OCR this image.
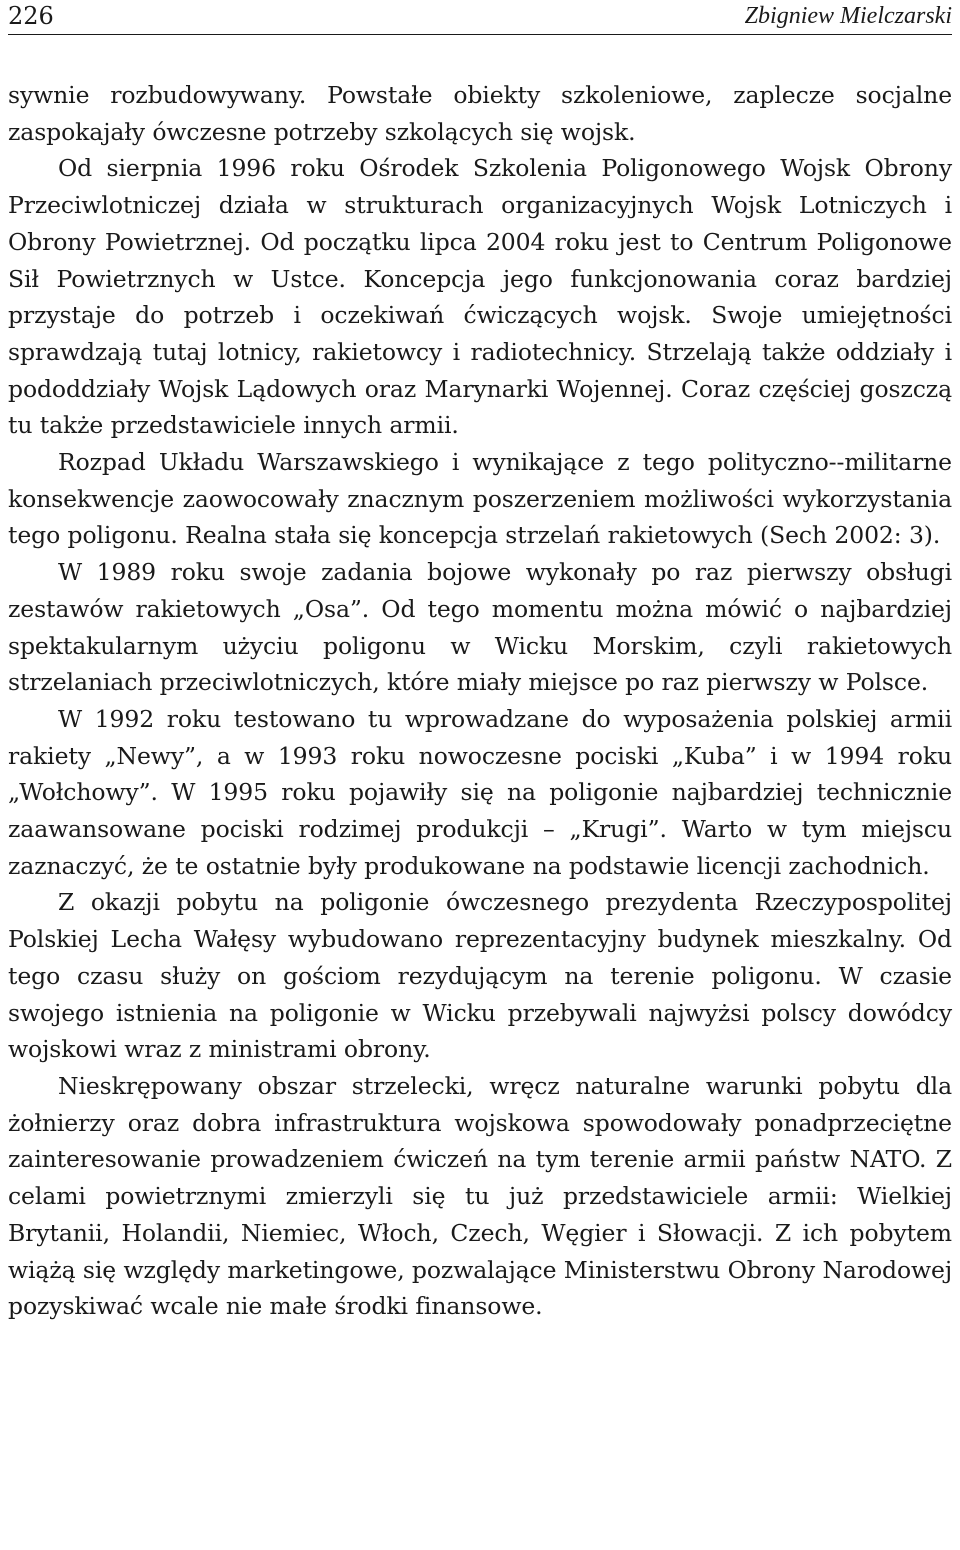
226	Zbigniew Mielczarski

sywnie rozbudowywany. Powstałe obiekty szkoleniowe, zaplecze socjalne zaspokajały ówczesne potrzeby szkolących się wojsk.

Od sierpnia 1996 roku Ośrodek Szkolenia Poligonowego Wojsk Obrony Przeciwlotniczej działa w strukturach organizacyjnych Wojsk Lotniczych i Obrony Powietrznej. Od początku lipca 2004 roku jest to Centrum Poligonowe Sił Powietrznych w Ustce. Koncepcja jego funkcjonowania coraz bardziej przystaje do potrzeb i oczekiwań ćwiczących wojsk. Swoje umiejętności sprawdzają tutaj lotnicy, rakietowcy i radiotechnicy. Strzelają także oddziały i pododdziały Wojsk Lądowych oraz Marynarki Wojennej. Coraz częściej goszczą tu także przedstawiciele innych armii.

Rozpad Układu Warszawskiego i wynikające z tego polityczno--militarne konsekwencje zaowocowały znacznym poszerzeniem możliwości wykorzystania tego poligonu. Realna stała się koncepcja strzelań rakietowych (Sech 2002: 3).

W 1989 roku swoje zadania bojowe wykonały po raz pierwszy obsługi zestawów rakietowych „Osa”. Od tego momentu można mówić o najbardziej spektakularnym użyciu poligonu w Wicku Morskim, czyli rakietowych strzelaniach przeciwlotniczych, które miały miejsce po raz pierwszy w Polsce.

W 1992 roku testowano tu wprowadzane do wyposażenia polskiej armii rakiety „Newy”, a w 1993 roku nowoczesne pociski „Kuba” i w 1994 roku „Wołchowy”. W 1995 roku pojawiły się na poligonie najbardziej technicznie zaawansowane pociski rodzimej produkcji – „Krugi”. Warto w tym miejscu zaznaczyć, że te ostatnie były produkowane na podstawie licencji zachodnich.

Z okazji pobytu na poligonie ówczesnego prezydenta Rzeczypospolitej Polskiej Lecha Wałęsy wybudowano reprezentacyjny budynek mieszkalny. Od tego czasu służy on gościom rezydującym na terenie poligonu. W czasie swojego istnienia na poligonie w Wicku przebywali najwyżsi polscy dowódcy wojskowi wraz z ministrami obrony.

Nieskrępowany obszar strzelecki, wręcz naturalne warunki pobytu dla żołnierzy oraz dobra infrastruktura wojskowa spowodowały ponadprzeciętne zainteresowanie prowadzeniem ćwiczeń na tym terenie armii państw NATO. Z celami powietrznymi zmierzyli się tu już przedstawiciele armii: Wielkiej Brytanii, Holandii, Niemiec, Włoch, Czech, Węgier i Słowacji. Z ich pobytem wiążą się względy marketingowe, pozwalające Ministerstwu Obrony Narodowej pozyskiwać wcale nie małe środki finansowe.
